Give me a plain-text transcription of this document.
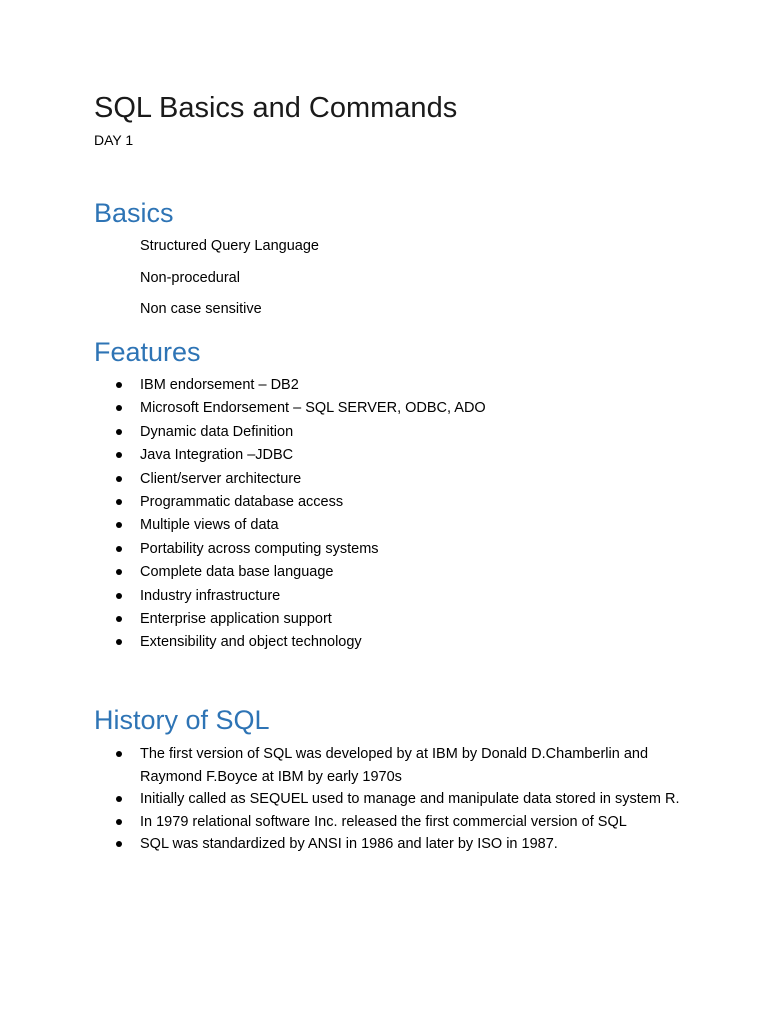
SQL Basics and Commands

DAY 1

Basics
Structured Query Language
Non-procedural
Non case sensitive
Features
IBM endorsement – DB2
Microsoft Endorsement – SQL SERVER, ODBC, ADO
Dynamic data Definition
Java Integration –JDBC
Client/server architecture
Programmatic database access
Multiple views of data
Portability across computing systems
Complete data base language
Industry infrastructure
Enterprise application support
Extensibility and object technology
History of SQL
The first version of SQL was developed by at IBM by Donald D.Chamberlin and Raymond F.Boyce at IBM by early 1970s
Initially called as SEQUEL used to manage and manipulate data stored in system R.
In 1979 relational software Inc. released the first commercial version of SQL
SQL was standardized by ANSI in 1986 and later by ISO in 1987.
